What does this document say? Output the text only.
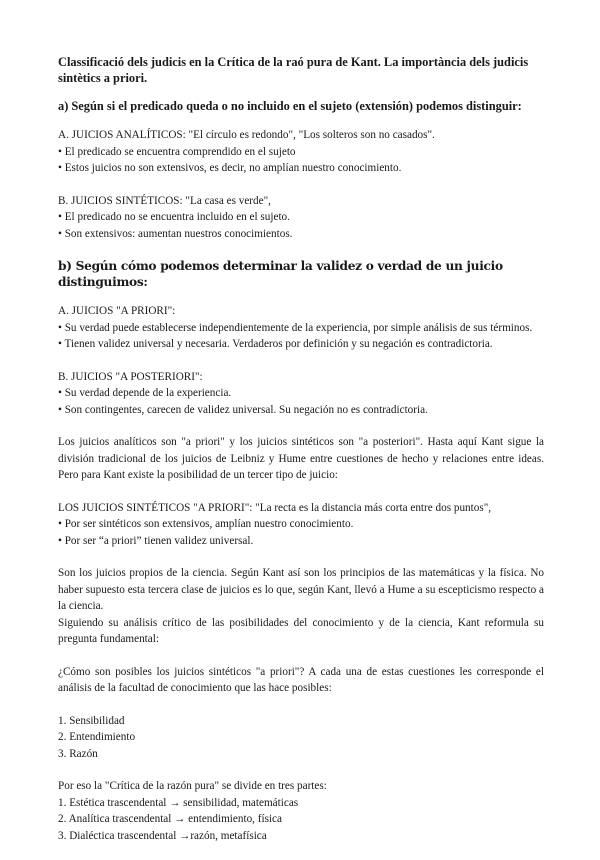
Classificació dels judicis en la Crítica de la raó pura de Kant. La importància dels judicis sintètics a priori.
a) Según si el predicado queda o no incluido en el sujeto (extensión) podemos distinguir:
A. JUICIOS ANALÍTICOS: "El círculo es redondo", "Los solteros son no casados".
• El predicado se encuentra comprendido en el sujeto
• Estos juicios no son extensivos, es decir, no amplían nuestro conocimiento.
B. JUICIOS SINTÉTICOS: "La casa es verde",
• El predicado no se encuentra incluido en el sujeto.
• Son extensivos: aumentan nuestros conocimientos.
b) Según cómo podemos determinar la validez o verdad de un juicio distinguimos:
A. JUICIOS "A PRIORI":
• Su verdad puede establecerse independientemente de la experiencia, por simple análisis de sus términos.
• Tienen validez universal y necesaria. Verdaderos por definición y su negación es contradictoria.
B. JUICIOS "A POSTERIORI":
• Su verdad depende de la experiencia.
• Son contingentes, carecen de validez universal. Su negación no es contradictoria.
Los juicios analíticos son "a priori" y los juicios sintéticos son "a posteriori". Hasta aquí Kant sigue la división tradicional de los juicios de Leibniz y Hume entre cuestiones de hecho y relaciones entre ideas. Pero para Kant existe la posibilidad de un tercer tipo de juicio:
LOS JUICIOS SINTÉTICOS "A PRIORI": "La recta es la distancia más corta entre dos puntos",
• Por ser sintéticos son extensivos, amplían nuestro conocimiento.
• Por ser “a priori” tienen validez universal.
Son los juicios propios de la ciencia. Según Kant así son los principios de las matemáticas y la física. No haber supuesto esta tercera clase de juicios es lo que, según Kant, llevó a Hume a su escepticismo respecto a la ciencia.
Siguiendo su análisis crítico de las posibilidades del conocimiento y de la ciencia, Kant reformula su pregunta fundamental:
¿Cómo son posibles los juicios sintéticos "a priori"? A cada una de estas cuestiones les corresponde el análisis de la facultad de conocimiento que las hace posibles:
1. Sensibilidad
2. Entendimiento
3. Razón
Por eso la "Crítica de la razón pura" se divide en tres partes:
1. Estética trascendental → sensibilidad, matemáticas
2. Analítica trascendental → entendimiento, física
3. Dialéctica trascendental →razón, metafísica
